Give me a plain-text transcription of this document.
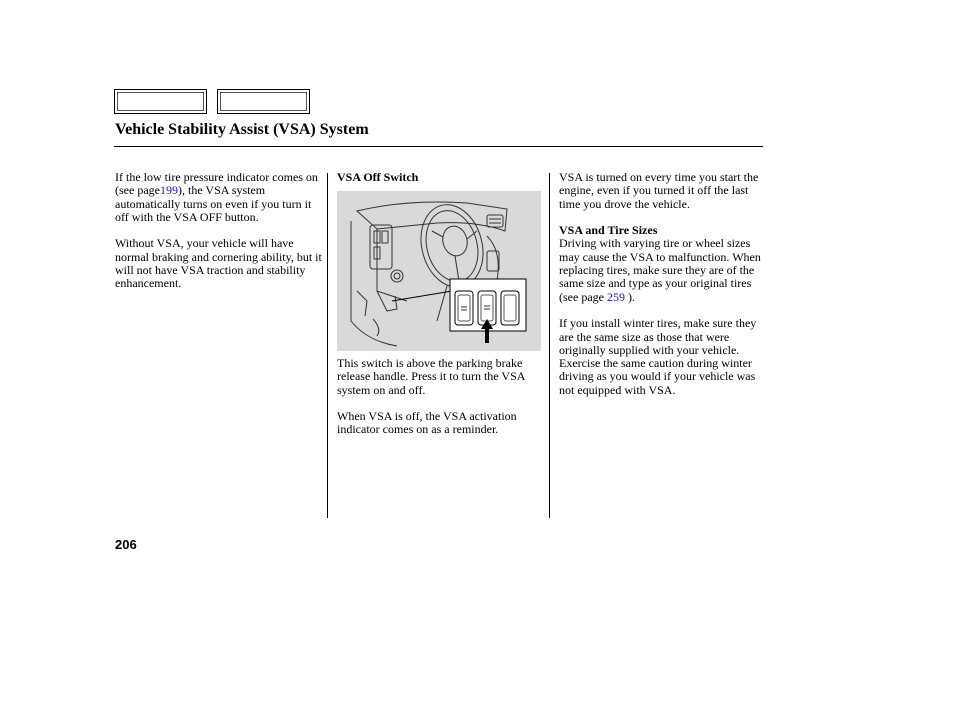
Vehicle Stability Assist (VSA) System

If the low tire pressure indicator comes on (see page199), the VSA system automatically turns on even if you turn it off with the VSA OFF button.

Without VSA, your vehicle will have normal braking and cornering ability, but it will not have VSA traction and stability enhancement.

VSA Off Switch

This switch is above the parking brake release handle. Press it to turn the VSA system on and off.

When VSA is off, the VSA activation indicator comes on as a reminder.

VSA is turned on every time you start the engine, even if you turned it off the last time you drove the vehicle.

VSA and Tire Sizes

Driving with varying tire or wheel sizes may cause the VSA to malfunction. When replacing tires, make sure they are of the same size and type as your original tires (see page 259 ).

If you install winter tires, make sure they are the same size as those that were originally supplied with your vehicle. Exercise the same caution during winter driving as you would if your vehicle was not equipped with VSA.

206
